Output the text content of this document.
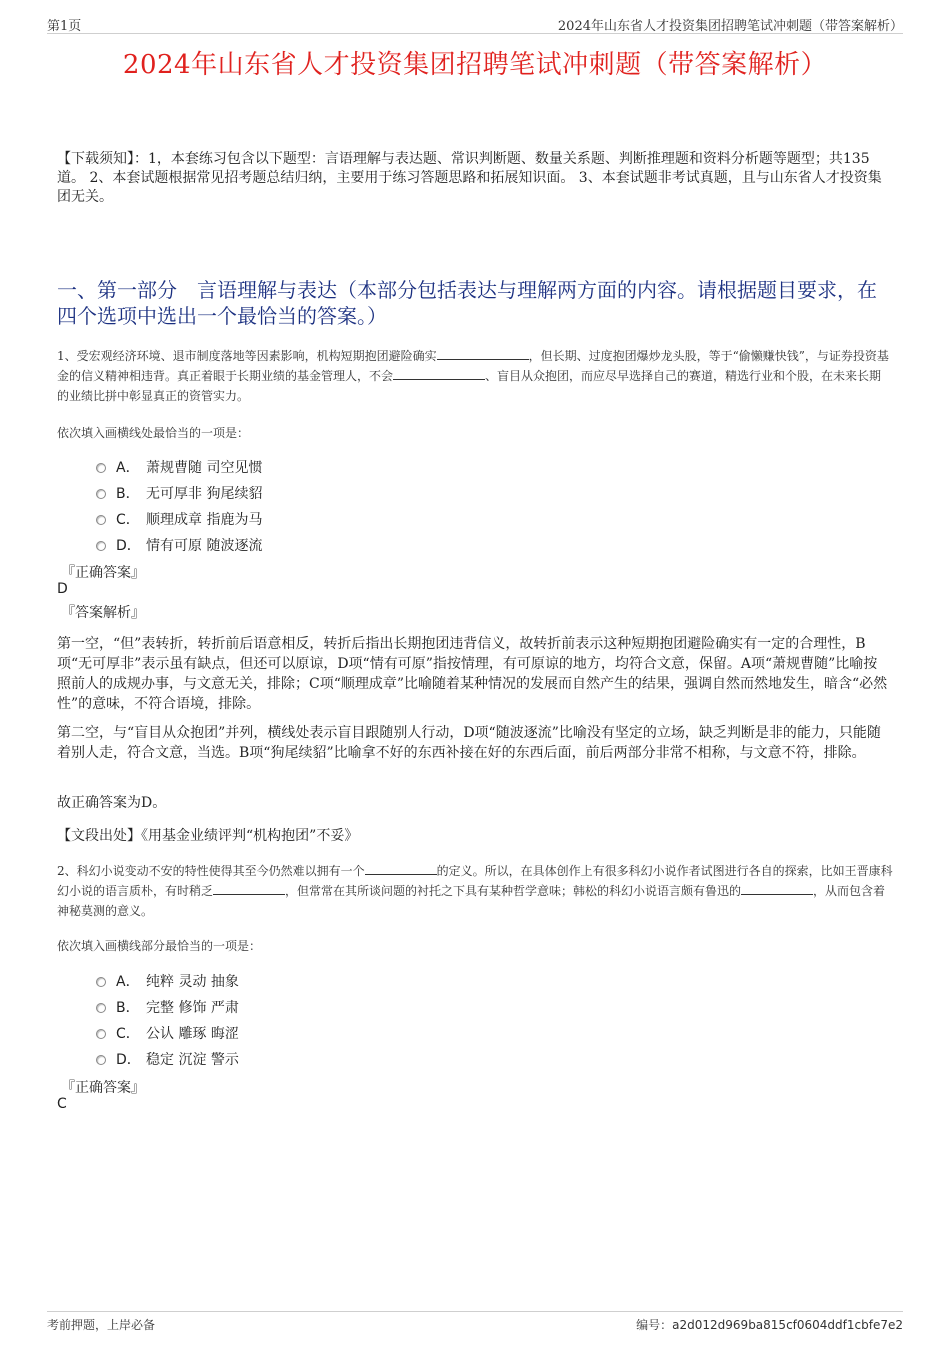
第1页	2024年山东省人才投资集团招聘笔试冲刺题（带答案解析）
2024年山东省人才投资集团招聘笔试冲刺题（带答案解析）
【下载须知】：1，本套练习包含以下题型：言语理解与表达题、常识判断题、数量关系题、判断推理题和资料分析题等题型；共135道。 2、本套试题根据常见招考题总结归纳，主要用于练习答题思路和拓展知识面。 3、本套试题非考试真题，且与山东省人才投资集团无关。
一、第一部分　言语理解与表达（本部分包括表达与理解两方面的内容。请根据题目要求，在四个选项中选出一个最恰当的答案。）
1、受宏观经济环境、退市制度落地等因素影响，机构短期抱团避险确实	，但长期、过度抱团爆炒龙头股，等于“偷懒赚快钱”，与证券投资基金的信义精神相违背。真正着眼于长期业绩的基金管理人，不会	、盲目从众抱团，而应尽早选择自己的赛道，精选行业和个股，在未来长期的业绩比拼中彰显真正的资管实力。
依次填入画横线处最恰当的一项是：
A． 萧规曹随 司空见惯
B． 无可厚非 狗尾续貂
C． 顺理成章 指鹿为马
D． 情有可原 随波逐流
『正确答案』
D
『答案解析』
第一空，“但”表转折，转折前后语意相反，转折后指出长期抱团违背信义，故转折前表示这种短期抱团避险确实有一定的合理性，B项“无可厚非”表示虽有缺点，但还可以原谅，D项“情有可原”指按情理，有可原谅的地方，均符合文意，保留。A项“萧规曹随”比喻按照前人的成规办事，与文意无关，排除；C项“顺理成章”比喻随着某种情况的发展而自然产生的结果，强调自然而然地发生，暗含“必然性”的意味，不符合语境，排除。
第二空，与“盲目从众抱团”并列，横线处表示盲目跟随别人行动，D项“随波逐流”比喻没有坚定的立场，缺乏判断是非的能力，只能随着别人走，符合文意，当选。B项“狗尾续貂”比喻拿不好的东西补接在好的东西后面，前后两部分非常不相称，与文意不符，排除。
故正确答案为D。
【文段出处】《用基金业绩评判“机构抱团”不妥》
2、科幻小说变动不安的特性使得其至今仍然难以拥有一个	的定义。所以，在具体创作上有很多科幻小说作者试图进行各自的探索，比如王晋康科幻小说的语言质朴，有时稍乏	，但常常在其所谈问题的衬托之下具有某种哲学意味；韩松的科幻小说语言颇有鲁迅的	，从而包含着神秘莫测的意义。
依次填入画横线部分最恰当的一项是：
A． 纯粹 灵动 抽象
B． 完整 修饰 严肃
C． 公认 雕琢 晦涩
D． 稳定 沉淀 警示
『正确答案』
C
考前押题，上岸必备	编号：a2d012d969ba815cf0604ddf1cbfe7e2
